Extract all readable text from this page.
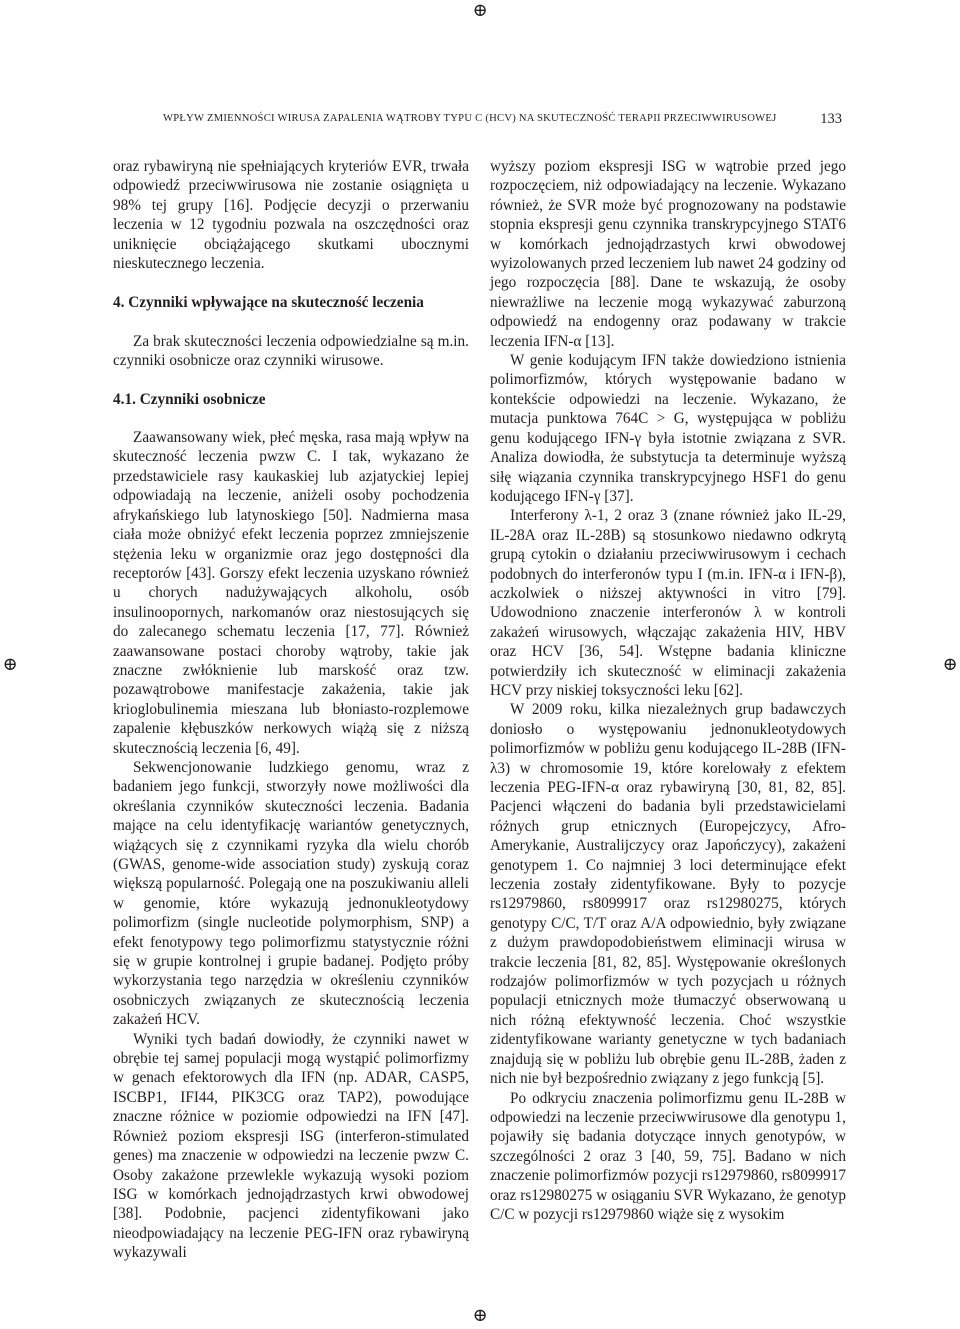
⊕
⊕
⊕	⊕
WPŁYW ZMIENNOŚCI WIRUSA ZAPALENIA WĄTROBY TYPU C (HCV) NA SKUTECZNOŚĆ TERAPII PRZECIWWIRUSOWEJ	133

oraz rybawiryną nie spełniających kryteriów EVR, trwała odpowiedź przeciwwirusowa nie zostanie osiągnięta u 98% tej grupy [16]. Podjęcie decyzji o przerwaniu leczenia w 12 tygodniu pozwala na oszczędności oraz uniknięcie obciążającego skutkami ubocznymi nieskutecznego leczenia.

4. Czynniki wpływające na skuteczność leczenia

Za brak skuteczności leczenia odpowiedzialne są m.in. czynniki osobnicze oraz czynniki wirusowe.

4.1. Czynniki osobnicze

Zaawansowany wiek, płeć męska, rasa mają wpływ na skuteczność leczenia pwzw C. I tak, wykazano że przedstawiciele rasy kaukaskiej lub azjatyckiej lepiej odpowiadają na leczenie, aniżeli osoby pochodzenia afrykańskiego lub latynoskiego [50]. Nadmierna masa ciała może obniżyć efekt leczenia poprzez zmniejszenie stężenia leku w organizmie oraz jego dostępności dla receptorów [43]. Gorszy efekt leczenia uzyskano również u chorych nadużywających alkoholu, osób insulinoopornych, narkomanów oraz niestosujących się do zalecanego schematu leczenia [17, 77]. Również zaawansowane postaci choroby wątroby, takie jak znaczne zwłóknienie lub marskość oraz tzw. pozawątrobowe manifestacje zakażenia, takie jak krioglobulinemia mieszana lub błoniasto-rozplemowe zapalenie kłębuszków nerkowych wiążą się z niższą skutecznością leczenia [6, 49].

Sekwencjonowanie ludzkiego genomu, wraz z badaniem jego funkcji, stworzyły nowe możliwości dla określania czynników skuteczności leczenia. Badania mające na celu identyfikację wariantów genetycznych, wiążących się z czynnikami ryzyka dla wielu chorób (GWAS, genome-wide association study) zyskują coraz większą popularność. Polegają one na poszukiwaniu alleli w genomie, które wykazują jednonukleotydowy polimorfizm (single nucleotide polymorphism, SNP) a efekt fenotypowy tego polimorfizmu statystycznie różni się w grupie kontrolnej i grupie badanej. Podjęto próby wykorzystania tego narzędzia w określeniu czynników osobniczych związanych ze skutecznością leczenia zakażeń HCV.

Wyniki tych badań dowiodły, że czynniki nawet w obrębie tej samej populacji mogą wystąpić polimorfizmy w genach efektorowych dla IFN (np. ADAR, CASP5, ISCBP1, IFI44, PIK3CG oraz TAP2), powodujące znaczne różnice w poziomie odpowiedzi na IFN [47]. Również poziom ekspresji ISG (interferon-stimulated genes) ma znaczenie w odpowiedzi na leczenie pwzw C. Osoby zakażone przewlekle wykazują wysoki poziom ISG w komórkach jednojądrzastych krwi obwodowej [38]. Podobnie, pacjenci zidentyfikowani jako nieodpowiadający na leczenie PEG-IFN oraz rybawiryną wykazywali

wyższy poziom ekspresji ISG w wątrobie przed jego rozpoczęciem, niż odpowiadający na leczenie. Wykazano również, że SVR może być prognozowany na podstawie stopnia ekspresji genu czynnika transkrypcyjnego STAT6 w komórkach jednojądrzastych krwi obwodowej wyizolowanych przed leczeniem lub nawet 24 godziny od jego rozpoczęcia [88]. Dane te wskazują, że osoby niewrażliwe na leczenie mogą wykazywać zaburzoną odpowiedź na endogenny oraz podawany w trakcie leczenia IFN-α [13].

W genie kodującym IFN także dowiedziono istnienia polimorfizmów, których występowanie badano w kontekście odpowiedzi na leczenie. Wykazano, że mutacja punktowa 764C > G, występująca w pobliżu genu kodującego IFN-γ była istotnie związana z SVR. Analiza dowiodła, że substytucja ta determinuje wyższą siłę wiązania czynnika transkrypcyjnego HSF1 do genu kodującego IFN-γ [37].

Interferony λ-1, 2 oraz 3 (znane również jako IL-29, IL-28A oraz IL-28B) są stosunkowo niedawno odkrytą grupą cytokin o działaniu przeciwwirusowym i cechach podobnych do interferonów typu I (m.in. IFN-α i IFN-β), aczkolwiek o niższej aktywności in vitro [79]. Udowodniono znaczenie interferonów λ w kontroli zakażeń wirusowych, włączając zakażenia HIV, HBV oraz HCV [36, 54]. Wstępne badania kliniczne potwierdziły ich skuteczność w eliminacji zakażenia HCV przy niskiej toksyczności leku [62].

W 2009 roku, kilka niezależnych grup badawczych doniosło o występowaniu jednonukleotydowych polimorfizmów w pobliżu genu kodującego IL-28B (IFN-λ3) w chromosomie 19, które korelowały z efektem leczenia PEG-IFN-α oraz rybawiryną [30, 81, 82, 85]. Pacjenci włączeni do badania byli przedstawicielami różnych grup etnicznych (Europejczycy, Afro-Amerykanie, Australijczycy oraz Japończycy), zakażeni genotypem 1. Co najmniej 3 loci determinujące efekt leczenia zostały zidentyfikowane. Były to pozycje rs12979860, rs8099917 oraz rs12980275, których genotypy C/C, T/T oraz A/A odpowiednio, były związane z dużym prawdopodobieństwem eliminacji wirusa w trakcie leczenia [81, 82, 85]. Występowanie określonych rodzajów polimorfizmów w tych pozycjach u różnych populacji etnicznych może tłumaczyć obserwowaną u nich różną efektywność leczenia. Choć wszystkie zidentyfikowane warianty genetyczne w tych badaniach znajdują się w pobliżu lub obrębie genu IL-28B, żaden z nich nie był bezpośrednio związany z jego funkcją [5].

Po odkryciu znaczenia polimorfizmu genu IL-28B w odpowiedzi na leczenie przeciwwirusowe dla genotypu 1, pojawiły się badania dotyczące innych genotypów, w szczególności 2 oraz 3 [40, 59, 75]. Badano w nich znaczenie polimorfizmów pozycji rs12979860, rs8099917 oraz rs12980275 w osiąganiu SVR Wykazano, że genotyp C/C w pozycji rs12979860 wiąże się z wysokim
